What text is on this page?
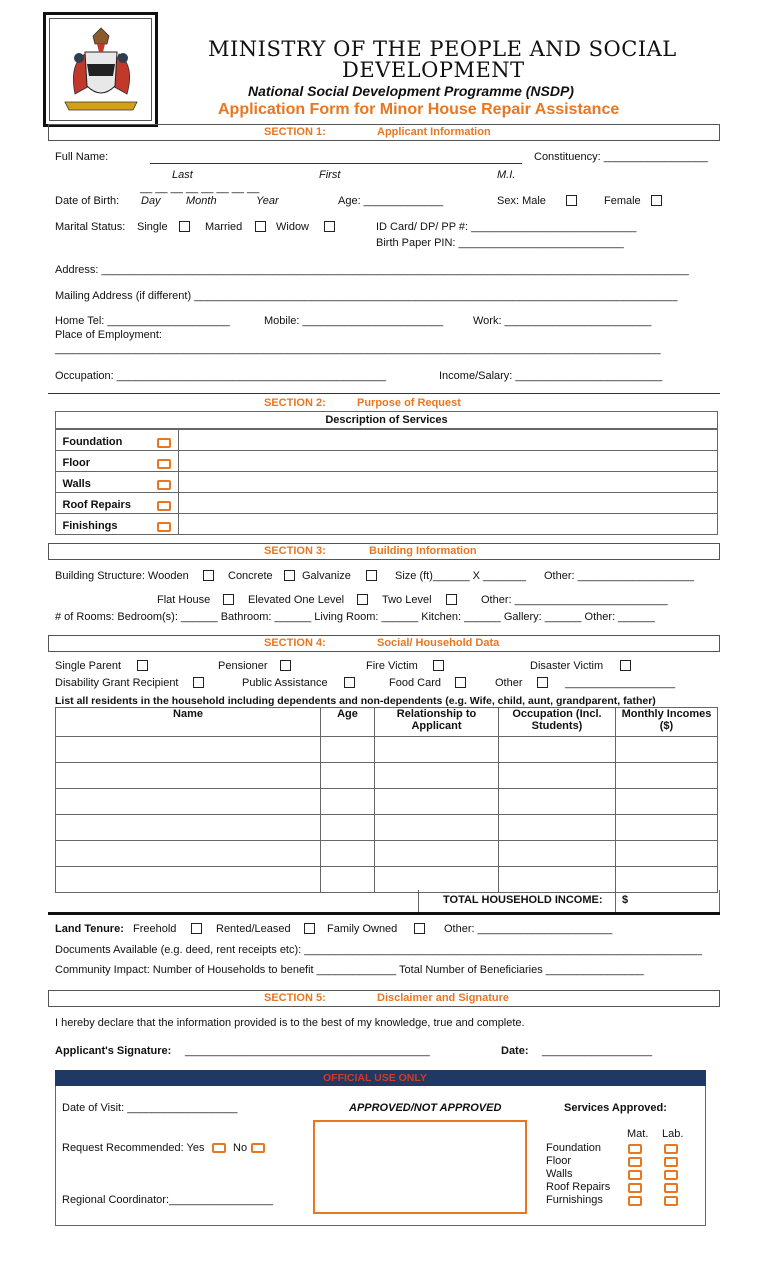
MINISTRY OF THE PEOPLE AND SOCIAL
DEVELOPMENT
National Social Development Programme (NSDP)
Application Form for Minor House Repair Assistance
SECTION 1:	Applicant Information
Full Name:	Constituency: _________________
Last	First	M.I.
__ __ __ __ __ __ __ __
Date of Birth: Day Month	Year	Age: _____________	Sex: Male	Female
Marital Status: Single	Married	Widow	ID Card/ DP/ PP #: ___________________________
Birth Paper PIN: ___________________________
Address: ________________________________________________________________________________________________
Mailing Address (if different) _______________________________________________________________________________
Home Tel: ____________________	Mobile: _______________________	Work: ________________________
Place of Employment:
___________________________________________________________________________________________________
Occupation: ____________________________________________	Income/Salary: ________________________
SECTION 2:	Purpose of Request
Description of Services
Foundation	

Floor	

Walls	

Roof Repairs	

Finishings	

SECTION 3:	Building Information
Building Structure: Wooden	Concrete	Galvanize	Size (ft)______ X _______ Other: ___________________
Flat House	Elevated One Level	Two Level	Other: _________________________
# of Rooms: Bedroom(s): ______ Bathroom: ______ Living Room: ______ Kitchen: ______ Gallery: ______ Other: ______
SECTION 4:	Social/ Household Data
Single Parent	Pensioner	Fire Victim	Disaster Victim
Disability Grant Recipient	Public Assistance	Food Card	Other	__________________
List all residents in the household including dependents and non-dependents (e.g. Wife, child, aunt, grandparent, father)
Name	Age	Relationship to Applicant	Occupation (Incl. Students)	Monthly Incomes ($)

TOTAL HOUSEHOLD INCOME: $
Land Tenure: Freehold	Rented/Leased	Family Owned	Other: ______________________
Documents Available (e.g. deed, rent receipts etc): _________________________________________________________________
Community Impact: Number of Households to benefit _____________ Total Number of Beneficiaries ________________
SECTION 5:	Disclaimer and Signature
I hereby declare that the information provided is to the best of my knowledge, true and complete.
Applicant's Signature: ________________________________________	Date: __________________
OFFICIAL USE ONLY
Date of Visit: __________________	APPROVED/NOT APPROVED	Services Approved:
Mat. Lab.
Request Recommended: Yes	No
Regional Coordinator:_________________
Foundation
Floor
Walls
Roof Repairs
Furnishings
